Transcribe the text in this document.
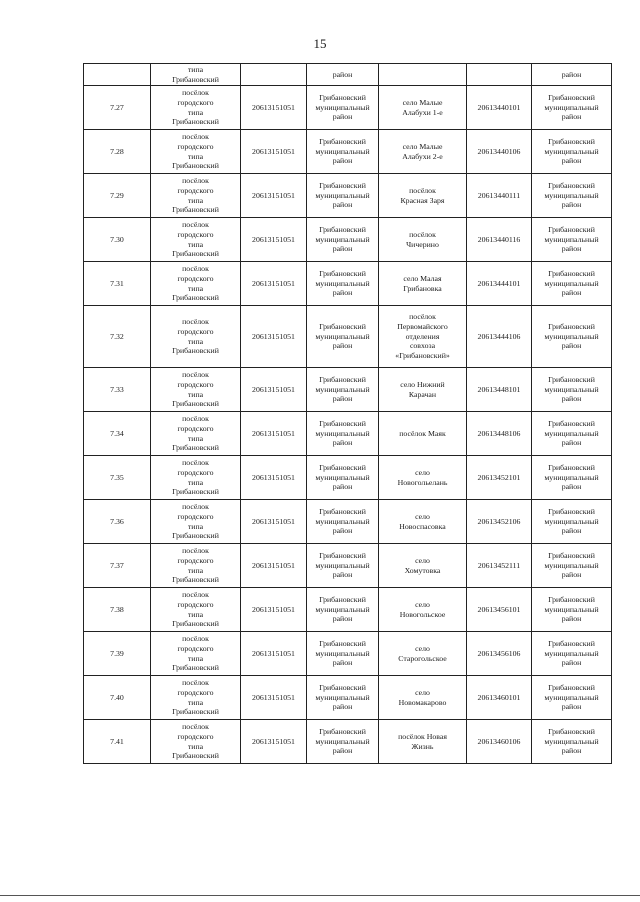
15
	типа
Грибановский		район			район
7.27	посёлок
городского
типа
Грибановский	20613151051	Грибановский
муниципальный
район	село Малые
Алабухи 1-е	20613440101	Грибановский
муниципальный
район
7.28	посёлок
городского
типа
Грибановский	20613151051	Грибановский
муниципальный
район	село Малые
Алабухи 2-е	20613440106	Грибановский
муниципальный
район
7.29	посёлок
городского
типа
Грибановский	20613151051	Грибановский
муниципальный
район	посёлок
Красная Заря	20613440111	Грибановский
муниципальный
район
7.30	посёлок
городского
типа
Грибановский	20613151051	Грибановский
муниципальный
район	посёлок
Чичерино	20613440116	Грибановский
муниципальный
район
7.31	посёлок
городского
типа
Грибановский	20613151051	Грибановский
муниципальный
район	село Малая
Грибановка	20613444101	Грибановский
муниципальный
район
7.32	посёлок
городского
типа
Грибановский	20613151051	Грибановский
муниципальный
район	посёлок
Первомайского
отделения
совхоза
«Грибановский»	20613444106	Грибановский
муниципальный
район
7.33	посёлок
городского
типа
Грибановский	20613151051	Грибановский
муниципальный
район	село Нижний
Карачан	20613448101	Грибановский
муниципальный
район
7.34	посёлок
городского
типа
Грибановский	20613151051	Грибановский
муниципальный
район	посёлок Маяк	20613448106	Грибановский
муниципальный
район
7.35	посёлок
городского
типа
Грибановский	20613151051	Грибановский
муниципальный
район	село
Новогольелань	20613452101	Грибановский
муниципальный
район
7.36	посёлок
городского
типа
Грибановский	20613151051	Грибановский
муниципальный
район	село
Новоспасовка	20613452106	Грибановский
муниципальный
район
7.37	посёлок
городского
типа
Грибановский	20613151051	Грибановский
муниципальный
район	село
Хомутовка	20613452111	Грибановский
муниципальный
район
7.38	посёлок
городского
типа
Грибановский	20613151051	Грибановский
муниципальный
район	село
Новогольское	20613456101	Грибановский
муниципальный
район
7.39	посёлок
городского
типа
Грибановский	20613151051	Грибановский
муниципальный
район	село
Старогольское	20613456106	Грибановский
муниципальный
район
7.40	посёлок
городского
типа
Грибановский	20613151051	Грибановский
муниципальный
район	село
Новомакарово	20613460101	Грибановский
муниципальный
район
7.41	посёлок
городского
типа
Грибановский	20613151051	Грибановский
муниципальный
район	посёлок Новая
Жизнь	20613460106	Грибановский
муниципальный
район
